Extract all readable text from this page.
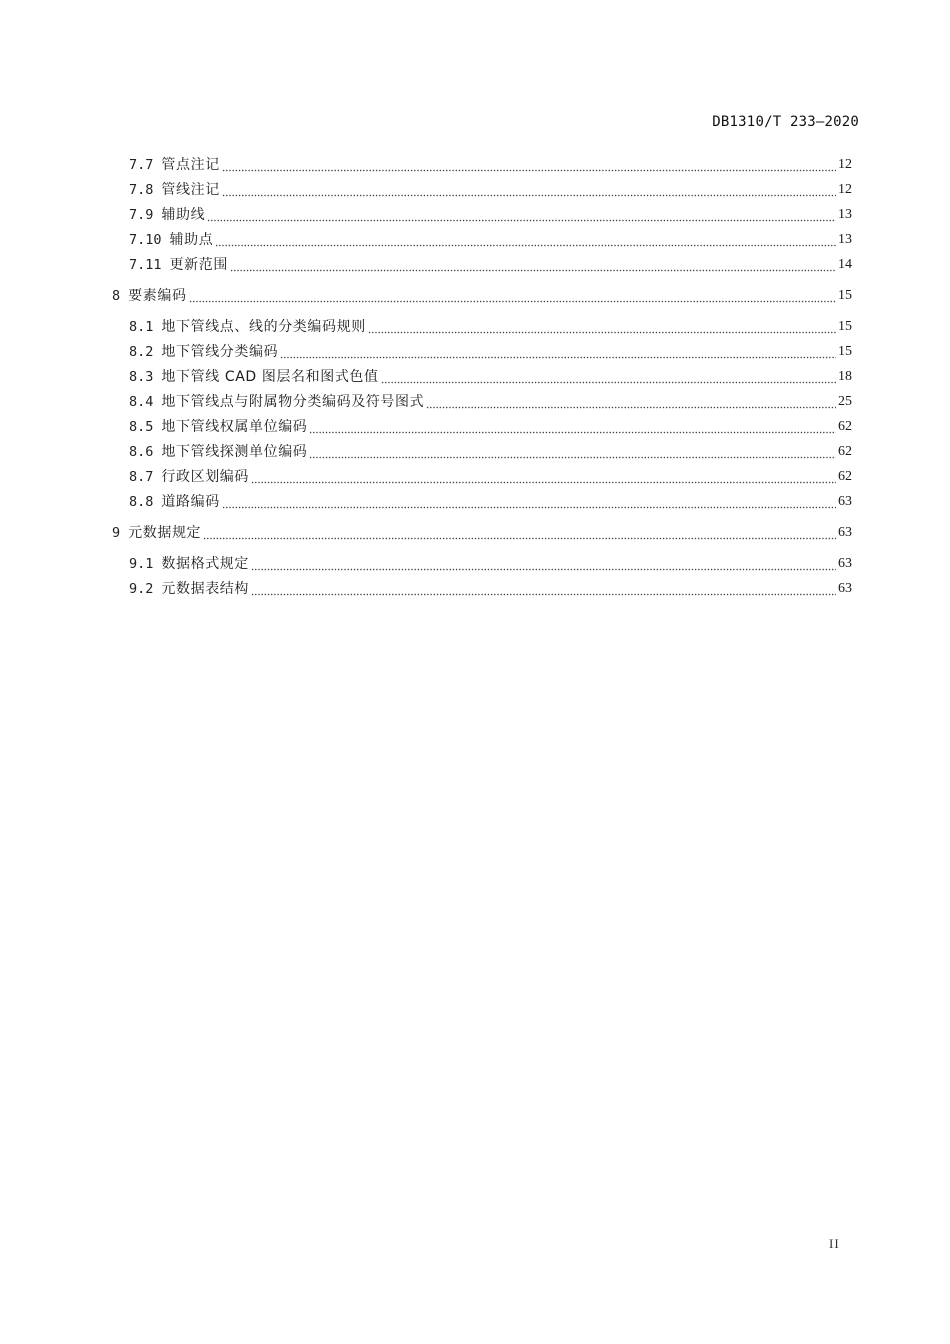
DB1310/T 233—2020
7.7 管点注记	12
7.8 管线注记	12
7.9 辅助线	13
7.10 辅助点	13
7.11 更新范围	14
8 要素编码	15
8.1 地下管线点、线的分类编码规则	15
8.2 地下管线分类编码	15
8.3 地下管线 CAD 图层名和图式色值	18
8.4 地下管线点与附属物分类编码及符号图式	25
8.5 地下管线权属单位编码	62
8.6 地下管线探测单位编码	62
8.7 行政区划编码	62
8.8 道路编码	63
9 元数据规定	63
9.1 数据格式规定	63
9.2 元数据表结构	63
II
